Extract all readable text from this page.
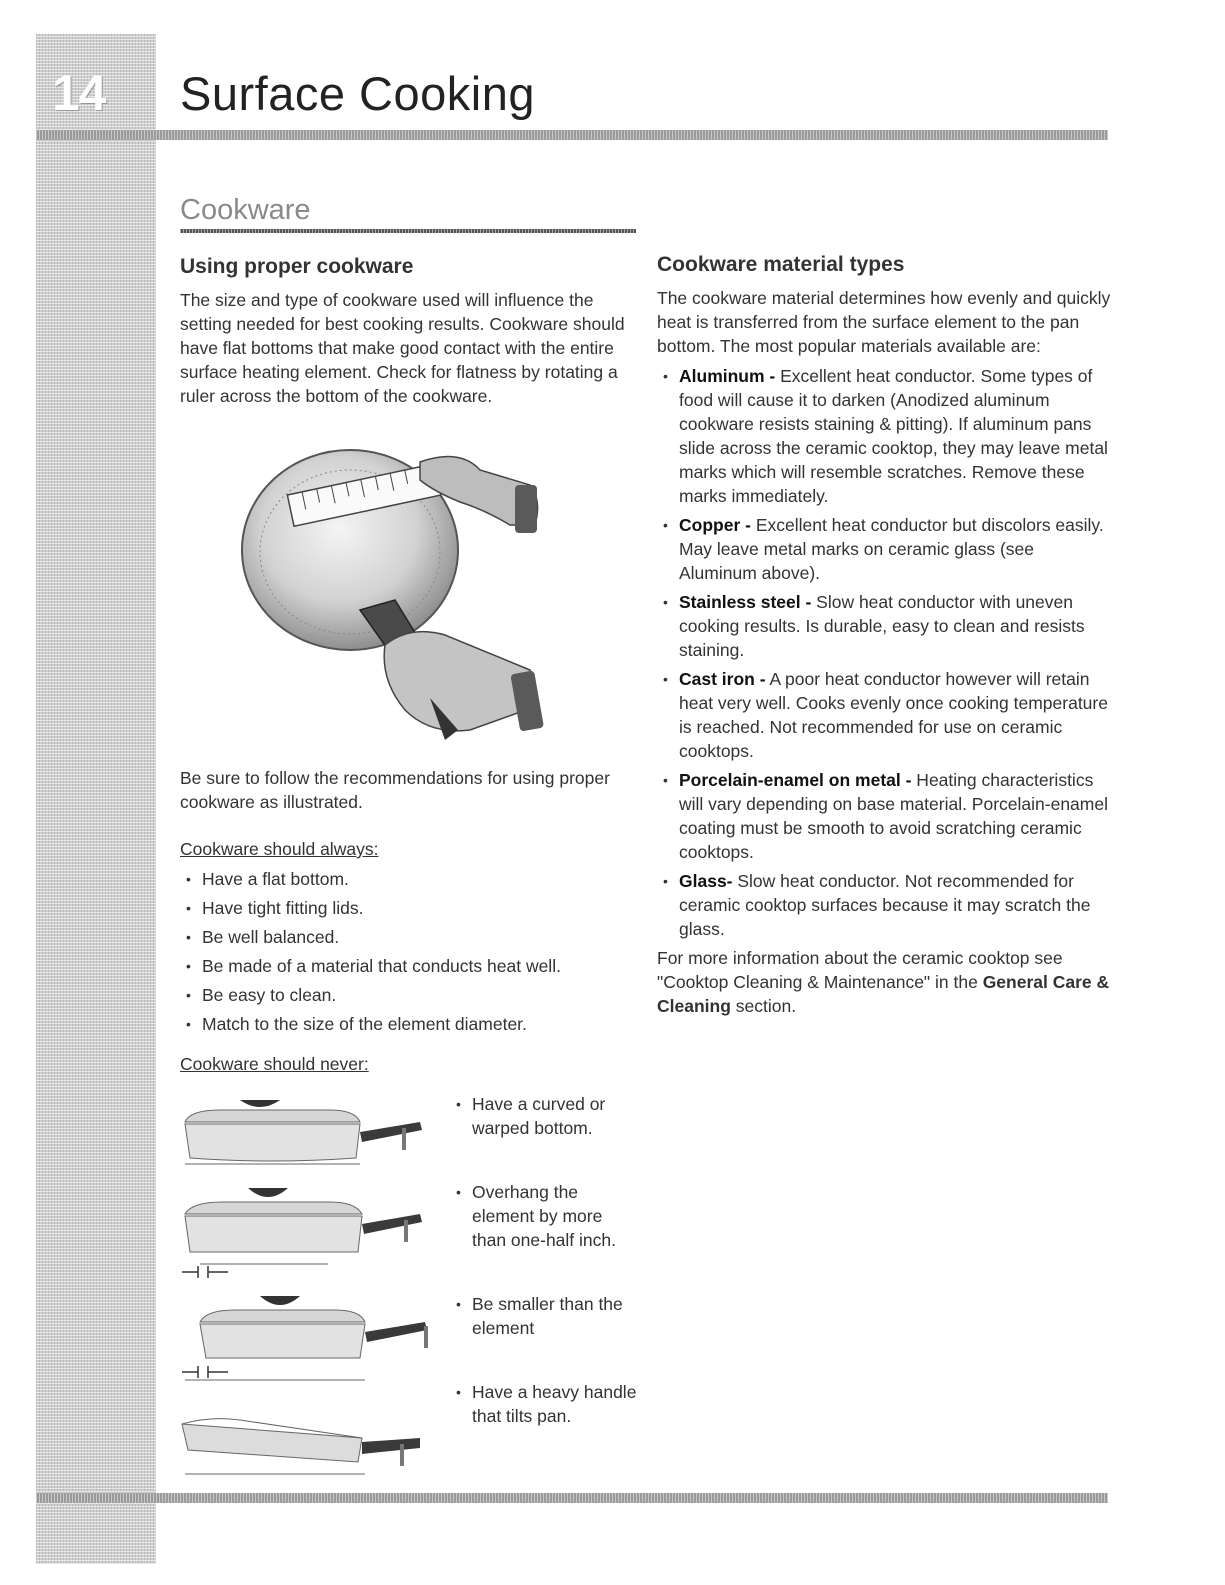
14 Surface Cooking
Cookware
Using proper cookware

The size and type of cookware used will influence the setting needed for best cooking results. Cookware should have flat bottoms that make good contact with the entire surface heating element. Check for flatness by rotating a ruler across the bottom of the cookware.

Be sure to follow the recommendations for using proper cookware as illustrated.

Cookware should always:

• Have a flat bottom.
• Have tight fitting lids.
• Be well balanced.
• Be made of a material that conducts heat well.
• Be easy to clean.
• Match to the size of the element diameter.

Cookware should never:

• Have a curved or warped bottom.
• Overhang the element by more than one-half inch.
• Be smaller than the element
• Have a heavy handle that tilts pan.
Cookware material types

The cookware material determines how evenly and quickly heat is transferred from the surface element to the pan bottom. The most popular materials available are:

• Aluminum - Excellent heat conductor. Some types of food will cause it to darken (Anodized aluminum cookware resists staining & pitting). If aluminum pans slide across the ceramic cooktop, they may leave metal marks which will resemble scratches. Remove these marks immediately.
• Copper - Excellent heat conductor but discolors easily. May leave metal marks on ceramic glass (see Aluminum above).
• Stainless steel - Slow heat conductor with uneven cooking results. Is durable, easy to clean and resists staining.
• Cast iron - A poor heat conductor however will retain heat very well. Cooks evenly once cooking temperature is reached. Not recommended for use on ceramic cooktops.
• Porcelain-enamel on metal - Heating characteristics will vary depending on base material. Porcelain-enamel coating must be smooth to avoid scratching ceramic cooktops.
• Glass- Slow heat conductor. Not recommended for ceramic cooktop surfaces because it may scratch the glass.

For more information about the ceramic cooktop see "Cooktop Cleaning & Maintenance" in the General Care & Cleaning section.
